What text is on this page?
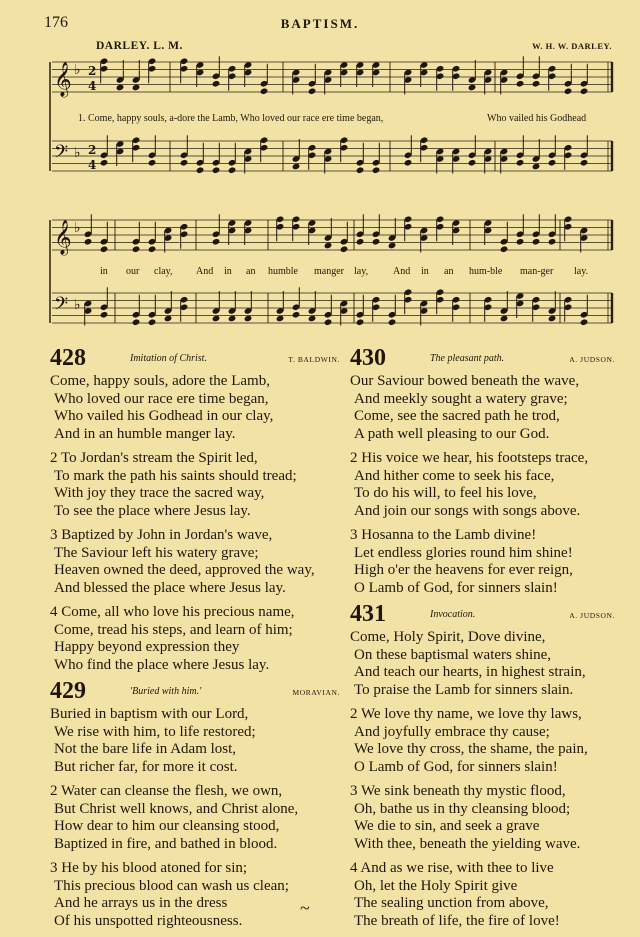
176	BAPTISM.
DARLEY. L. M.	W. H. W. DARLEY.
𝄞 ♭ 2
4
𝄢 ♭ 2
4
𝄞 ♭
𝄢 ♭
1. Come, happy souls, a-dore the Lamb, Who loved our race ere time began,	Who vailed his Godhead
in our clay, And in an humble manger lay, And in an hum-ble man-ger lay.
428	Imitation of Christ.	T. BALDWIN.
Come, happy souls, adore the Lamb,
Who loved our race ere time began,
Who vailed his Godhead in our clay,
And in an humble manger lay.
2 To Jordan's stream the Spirit led,
To mark the path his saints should tread;
With joy they trace the sacred way,
To see the place where Jesus lay.
3 Baptized by John in Jordan's wave,
The Saviour left his watery grave;
Heaven owned the deed, approved the way,
And blessed the place where Jesus lay.
4 Come, all who love his precious name,
Come, tread his steps, and learn of him;
Happy beyond expression they
Who find the place where Jesus lay.
429	'Buried with him.'	MORAVIAN.
Buried in baptism with our Lord,
We rise with him, to life restored;
Not the bare life in Adam lost,
But richer far, for more it cost.
2 Water can cleanse the flesh, we own,
But Christ well knows, and Christ alone,
How dear to him our cleansing stood,
Baptized in fire, and bathed in blood.
3 He by his blood atoned for sin;
This precious blood can wash us clean;
And he arrays us in the dress
Of his unspotted righteousness.
430	The pleasant path.	A. JUDSON.
Our Saviour bowed beneath the wave,
And meekly sought a watery grave;
Come, see the sacred path he trod,
A path well pleasing to our God.
2 His voice we hear, his footsteps trace,
And hither come to seek his face,
To do his will, to feel his love,
And join our songs with songs above.
3 Hosanna to the Lamb divine!
Let endless glories round him shine!
High o'er the heavens for ever reign,
O Lamb of God, for sinners slain!
431	Invocation.	A. JUDSON.
Come, Holy Spirit, Dove divine,
On these baptismal waters shine,
And teach our hearts, in highest strain,
To praise the Lamb for sinners slain.
2 We love thy name, we love thy laws,
And joyfully embrace thy cause;
We love thy cross, the shame, the pain,
O Lamb of God, for sinners slain!
3 We sink beneath thy mystic flood,
Oh, bathe us in thy cleansing blood;
We die to sin, and seek a grave
With thee, beneath the yielding wave.
4 And as we rise, with thee to live
Oh, let the Holy Spirit give
The sealing unction from above,
The breath of life, the fire of love!
~
